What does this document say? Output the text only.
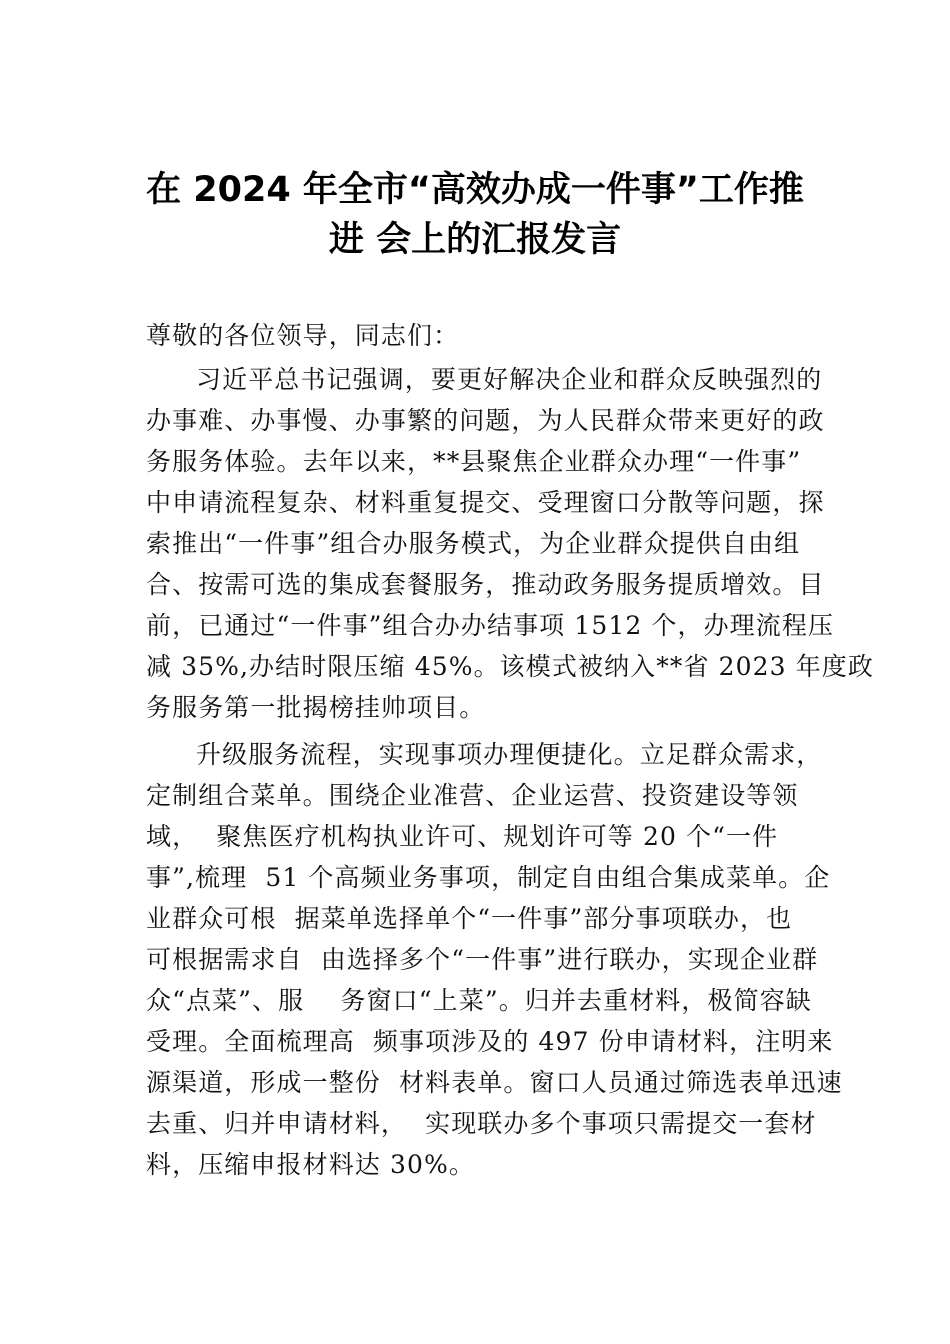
在 2024 年全市“高效办成一件事”工作推
进 会上的汇报发言
尊敬的各位领导，同志们：
习近平总书记强调，要更好解决企业和群众反映强烈的
办事难、办事慢、办事繁的问题，为人民群众带来更好的政
务服务体验。去年以来，**县聚焦企业群众办理“一件事”
中申请流程复杂、材料重复提交、受理窗口分散等问题，探
索推出“一件事”组合办服务模式，为企业群众提供自由组
合、按需可选的集成套餐服务，推动政务服务提质增效。目
前，已通过“一件事”组合办办结事项 1512 个，办理流程压
减 35%,办结时限压缩 45%。该模式被纳入**省 2023 年度政
务服务第一批揭榜挂帅项目。
升级服务流程，实现事项办理便捷化。立足群众需求，
定制组合菜单。围绕企业准营、企业运营、投资建设等领
域，  聚焦医疗机构执业许可、规划许可等 20 个“一件
事”,梳理  51 个高频业务事项，制定自由组合集成菜单。企
业群众可根  据菜单选择单个“一件事”部分事项联办，也
可根据需求自  由选择多个“一件事”进行联办，实现企业群
众“点菜”、服    务窗口“上菜”。归并去重材料，极简容缺
受理。全面梳理高  频事项涉及的 497 份申请材料，注明来
源渠道，形成一整份  材料表单。窗口人员通过筛选表单迅速
去重、归并申请材料，  实现联办多个事项只需提交一套材
料，压缩申报材料达 30%。
